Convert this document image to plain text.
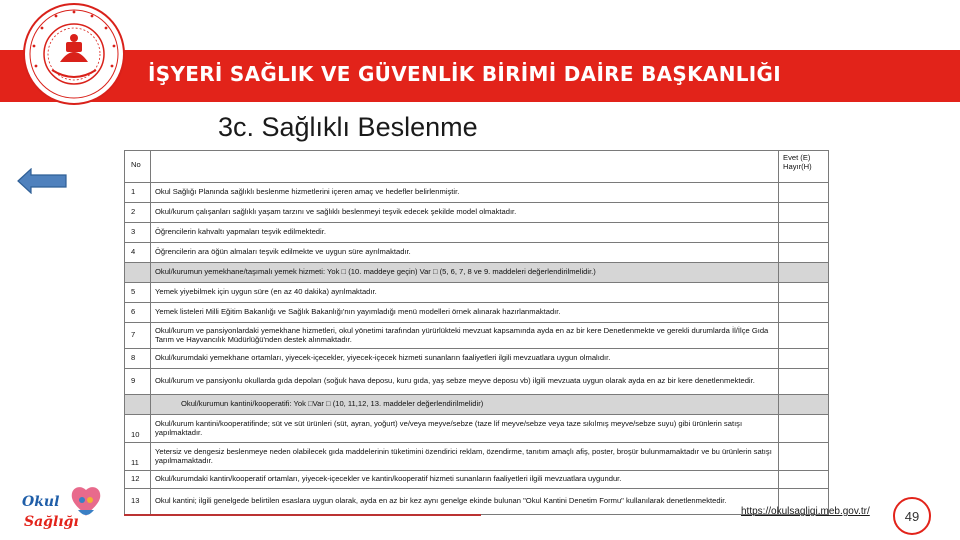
İŞYERİ SAĞLIK VE GÜVENLİK BİRİMİ DAİRE BAŞKANLIĞI
3c. Sağlıklı Beslenme
No		Evet (E)
Hayır(H)
1	Okul Sağlığı Planında sağlıklı beslenme hizmetlerini içeren amaç ve hedefler belirlenmiştir.	
2	Okul/kurum çalışanları sağlıklı yaşam tarzını ve sağlıklı beslenmeyi teşvik edecek şekilde model olmaktadır.	
3	Öğrencilerin kahvaltı yapmaları teşvik edilmektedir.	
4	Öğrencilerin ara öğün almaları teşvik edilmekte ve uygun süre ayrılmaktadır.	
	Okul/kurumun yemekhane/taşımalı yemek hizmeti: Yok □ (10. maddeye geçin) Var □ (5, 6, 7, 8 ve 9. maddeleri değerlendirilmelidir.)	
5	Yemek yiyebilmek için uygun süre (en az 40 dakika) ayrılmaktadır.	
6	Yemek listeleri Milli Eğitim Bakanlığı ve Sağlık Bakanlığı'nın yayımladığı menü modelleri örnek alınarak hazırlanmaktadır.	
7	Okul/kurum ve pansiyonlardaki yemekhane hizmetleri, okul yönetimi tarafından yürürlükteki mevzuat kapsamında ayda en az bir kere Denetlenmekte ve gerekli durumlarda İl/İlçe Gıda Tarım ve Hayvancılık Müdürlüğü'nden destek alınmaktadır.	
8	Okul/kurumdaki yemekhane ortamları, yiyecek-içecekler, yiyecek-içecek hizmeti sunanların faaliyetleri ilgili mevzuatlara uygun olmalıdır.	
9	Okul/kurum ve pansiyonlu okullarda gıda depoları (soğuk hava deposu, kuru gıda, yaş sebze meyve deposu vb) ilgili mevzuata uygun olarak ayda en az bir kere denetlenmektedir.	
	Okul/kurumun kantini/kooperatifi: Yok □Var □ (10, 11,12, 13. maddeler değerlendirilmelidir)	
10	Okul/kurum kantini/kooperatifinde; süt ve süt ürünleri (süt, ayran, yoğurt) ve/veya meyve/sebze (taze lif meyve/sebze veya taze sıkılmış meyve/sebze suyu) gibi ürünlerin satışı yapılmaktadır.	
11	Yetersiz ve dengesiz beslenmeye neden olabilecek gıda maddelerinin tüketimini özendirici reklam, özendirme, tanıtım amaçlı afiş, poster, broşür bulunmamaktadır ve bu ürünlerin satışı yapılmamaktadır.	
12	Okul/kurumdaki kantin/kooperatif ortamları, yiyecek-içecekler ve kantin/kooperatif hizmeti sunanların faaliyetleri ilgili mevzuatlara uygundur.	
13	Okul kantini; ilgili genelgede belirtilen esaslara uygun olarak, ayda en az bir kez aynı genelge ekinde bulunan "Okul Kantini Denetim Formu" kullanılarak denetlenmektedir.	
Okul
Sağlığı
https://okulsagligi.meb.gov.tr/	49
